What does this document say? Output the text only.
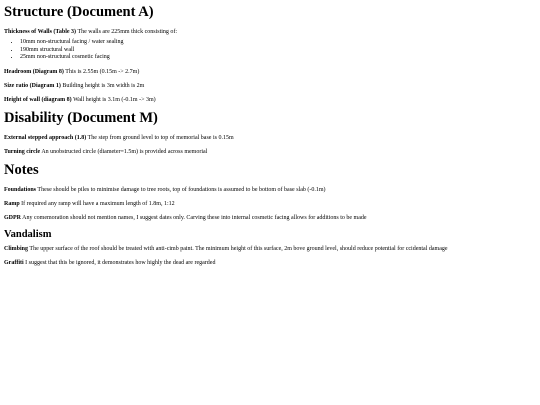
Structure (Document A)

Thickness of Walls (Table 3) The walls are 225mm thick consisting of:

• 10mm non-structural facing / water sealing
• 190mm structural wall
• 25mm non-structural cosmetic facing

Headroom (Diagram 8) This is 2.55m (0.15m -> 2.7m)

Size ratio (Diagram 1) Building height is 3m width is 2m

Height of wall (diagram 8) Wall height is 3.1m (-0.1m -> 3m)

Disability (Document M)

External stepped approach (1.8) The step from ground level to top of memorial base is 0.15m

Turning circle An unobstructed circle (diameter=1.5m) is provided across memorial

Notes

Foundations These should be piles to minimise damage to tree roots, top of foundations is assumed to be bottom of base slab (-0.1m)

Ramp If required any ramp will have a maximum length of 1.8m, 1:12

GDPR Any comemoration should not mention names, I suggest dates only. Carving these into internal cosmetic facing allows for additions to be made

Vandalism

Climbing The upper surface of the roof should be treated with anti-cimb paint. The minimum height of this surface, 2m bove ground level, should reduce potential for ccidental damage

Graffiti I suggest that this be ignored, it demonstrates how highly the dead are regarded
